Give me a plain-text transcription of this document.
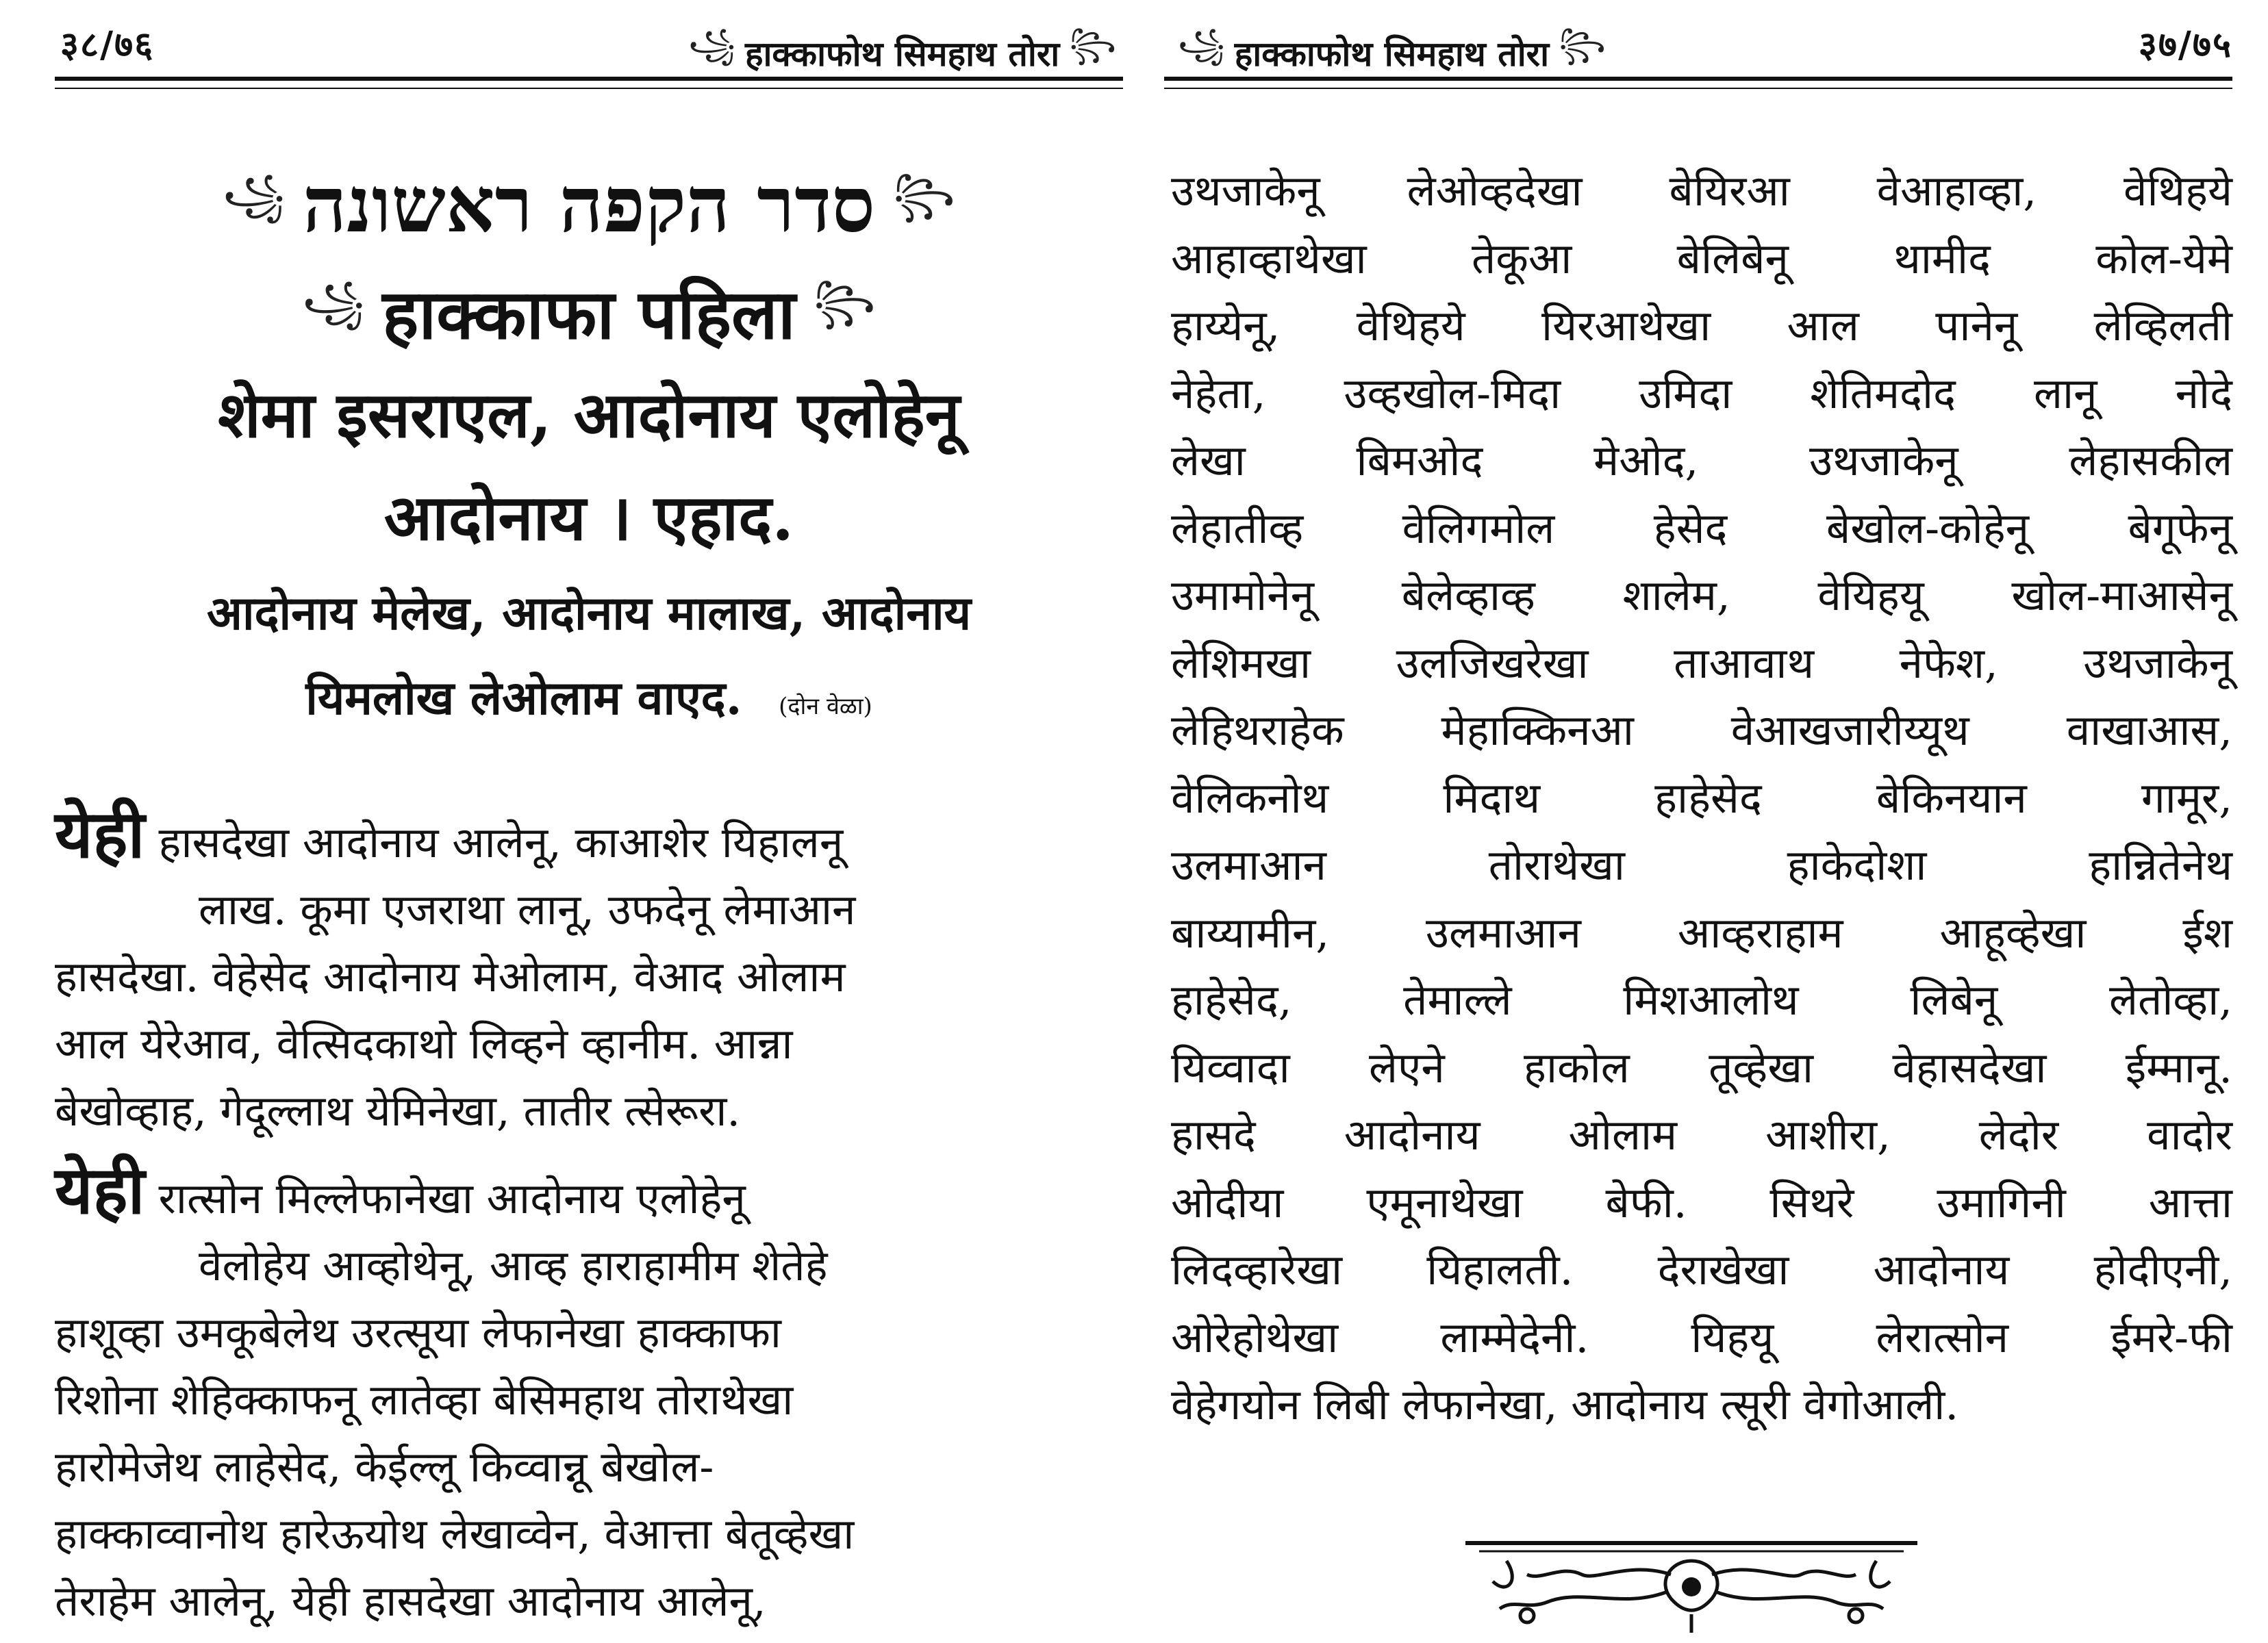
३८/७६	꧁ हाक्काफोथ सिमहाथ तोरा ꧂
꧂
סדר הקפה ראשונה
꧁
꧁ हाक्काफा पहिला ꧂
शेमा इसराएल, आदोनाय एलोहेनू
आदोनाय । एहाद.
आदोनाय मेलेख, आदोनाय मालाख, आदोनाय
यिमलोख लेओलाम वाएद. (दोन वेळा)
येही हासदेखा आदोनाय आलेनू, काआशेर यिहालनू
लाख. कूमा एजराथा लानू, उफदेनू लेमाआन
हासदेखा. वेहेसेद आदोनाय मेओलाम, वेआद ओलाम
आल येरेआव, वेत्सिदकाथो लिव्हने व्हानीम. आन्ना
बेखोव्हाह, गेदूल्लाथ येमिनेखा, तातीर त्सेरूरा.
येही रात्सोन मिल्लेफानेखा आदोनाय एलोहेनू
वेलोहेय आव्होथेनू, आव्ह हाराहामीम शेतेहे
हाशूव्हा उमकूबेलेथ उरत्सूया लेफानेखा हाक्काफा
रिशोना शेहिक्काफनू लातेव्हा बेसिमहाथ तोराथेखा
हारोमेजेथ लाहेसेद, केईल्लू किव्वान्नू बेखोल-
हाक्काव्वानोथ हारेऊयोथ लेखाव्वेन, वेआत्ता बेतूव्हेखा
तेराहेम आलेनू, येही हासदेखा आदोनाय आलेनू,
꧁ हाक्काफोथ सिमहाथ तोरा ꧂	३७/७५
उथजाकेनू लेओव्हदेखा बेयिरआ वेआहाव्हा, वेथिहये
आहाव्हाथेखा तेकूआ बेलिबेनू थामीद कोल-येमे
हाय्येनू, वेथिहये यिरआथेखा आल पानेनू लेव्हिलती
नेहेता, उव्हखोल-मिदा उमिदा शेतिमदोद लानू नोदे
लेखा बिमओद मेओद, उथजाकेनू लेहासकील
लेहातीव्ह वेलिगमोल हेसेद बेखोल-कोहेनू बेगूफेनू
उमामोनेनू बेलेव्हाव्ह शालेम, वेयिहयू खोल-माआसेनू
लेशिमखा उलजिखरेखा ताआवाथ नेफेश, उथजाकेनू
लेहिथराहेक मेहाक्किनआ वेआखजारीय्यूथ वाखाआस,
वेलिकनोथ मिदाथ हाहेसेद बेकिनयान गामूर,
उलमाआन तोराथेखा हाकेदोशा हान्नितेनेथ
बाय्यामीन, उलमाआन आव्हराहाम आहूव्हेखा ईश
हाहेसेद, तेमाल्ले मिशआलोथ लिबेनू लेतोव्हा,
यिव्वादा लेएने हाकोल तूव्हेखा वेहासदेखा ईम्मानू.
हासदे आदोनाय ओलाम आशीरा, लेदोर वादोर
ओदीया एमूनाथेखा बेफी. सिथरे उमागिनी आत्ता
लिदव्हारेखा यिहालती. देराखेखा आदोनाय होदीएनी,
ओरेहोथेखा लाम्मेदेनी. यिहयू लेरात्सोन ईमरे-फी
वेहेगयोन लिबी लेफानेखा, आदोनाय त्सूरी वेगोआली.
